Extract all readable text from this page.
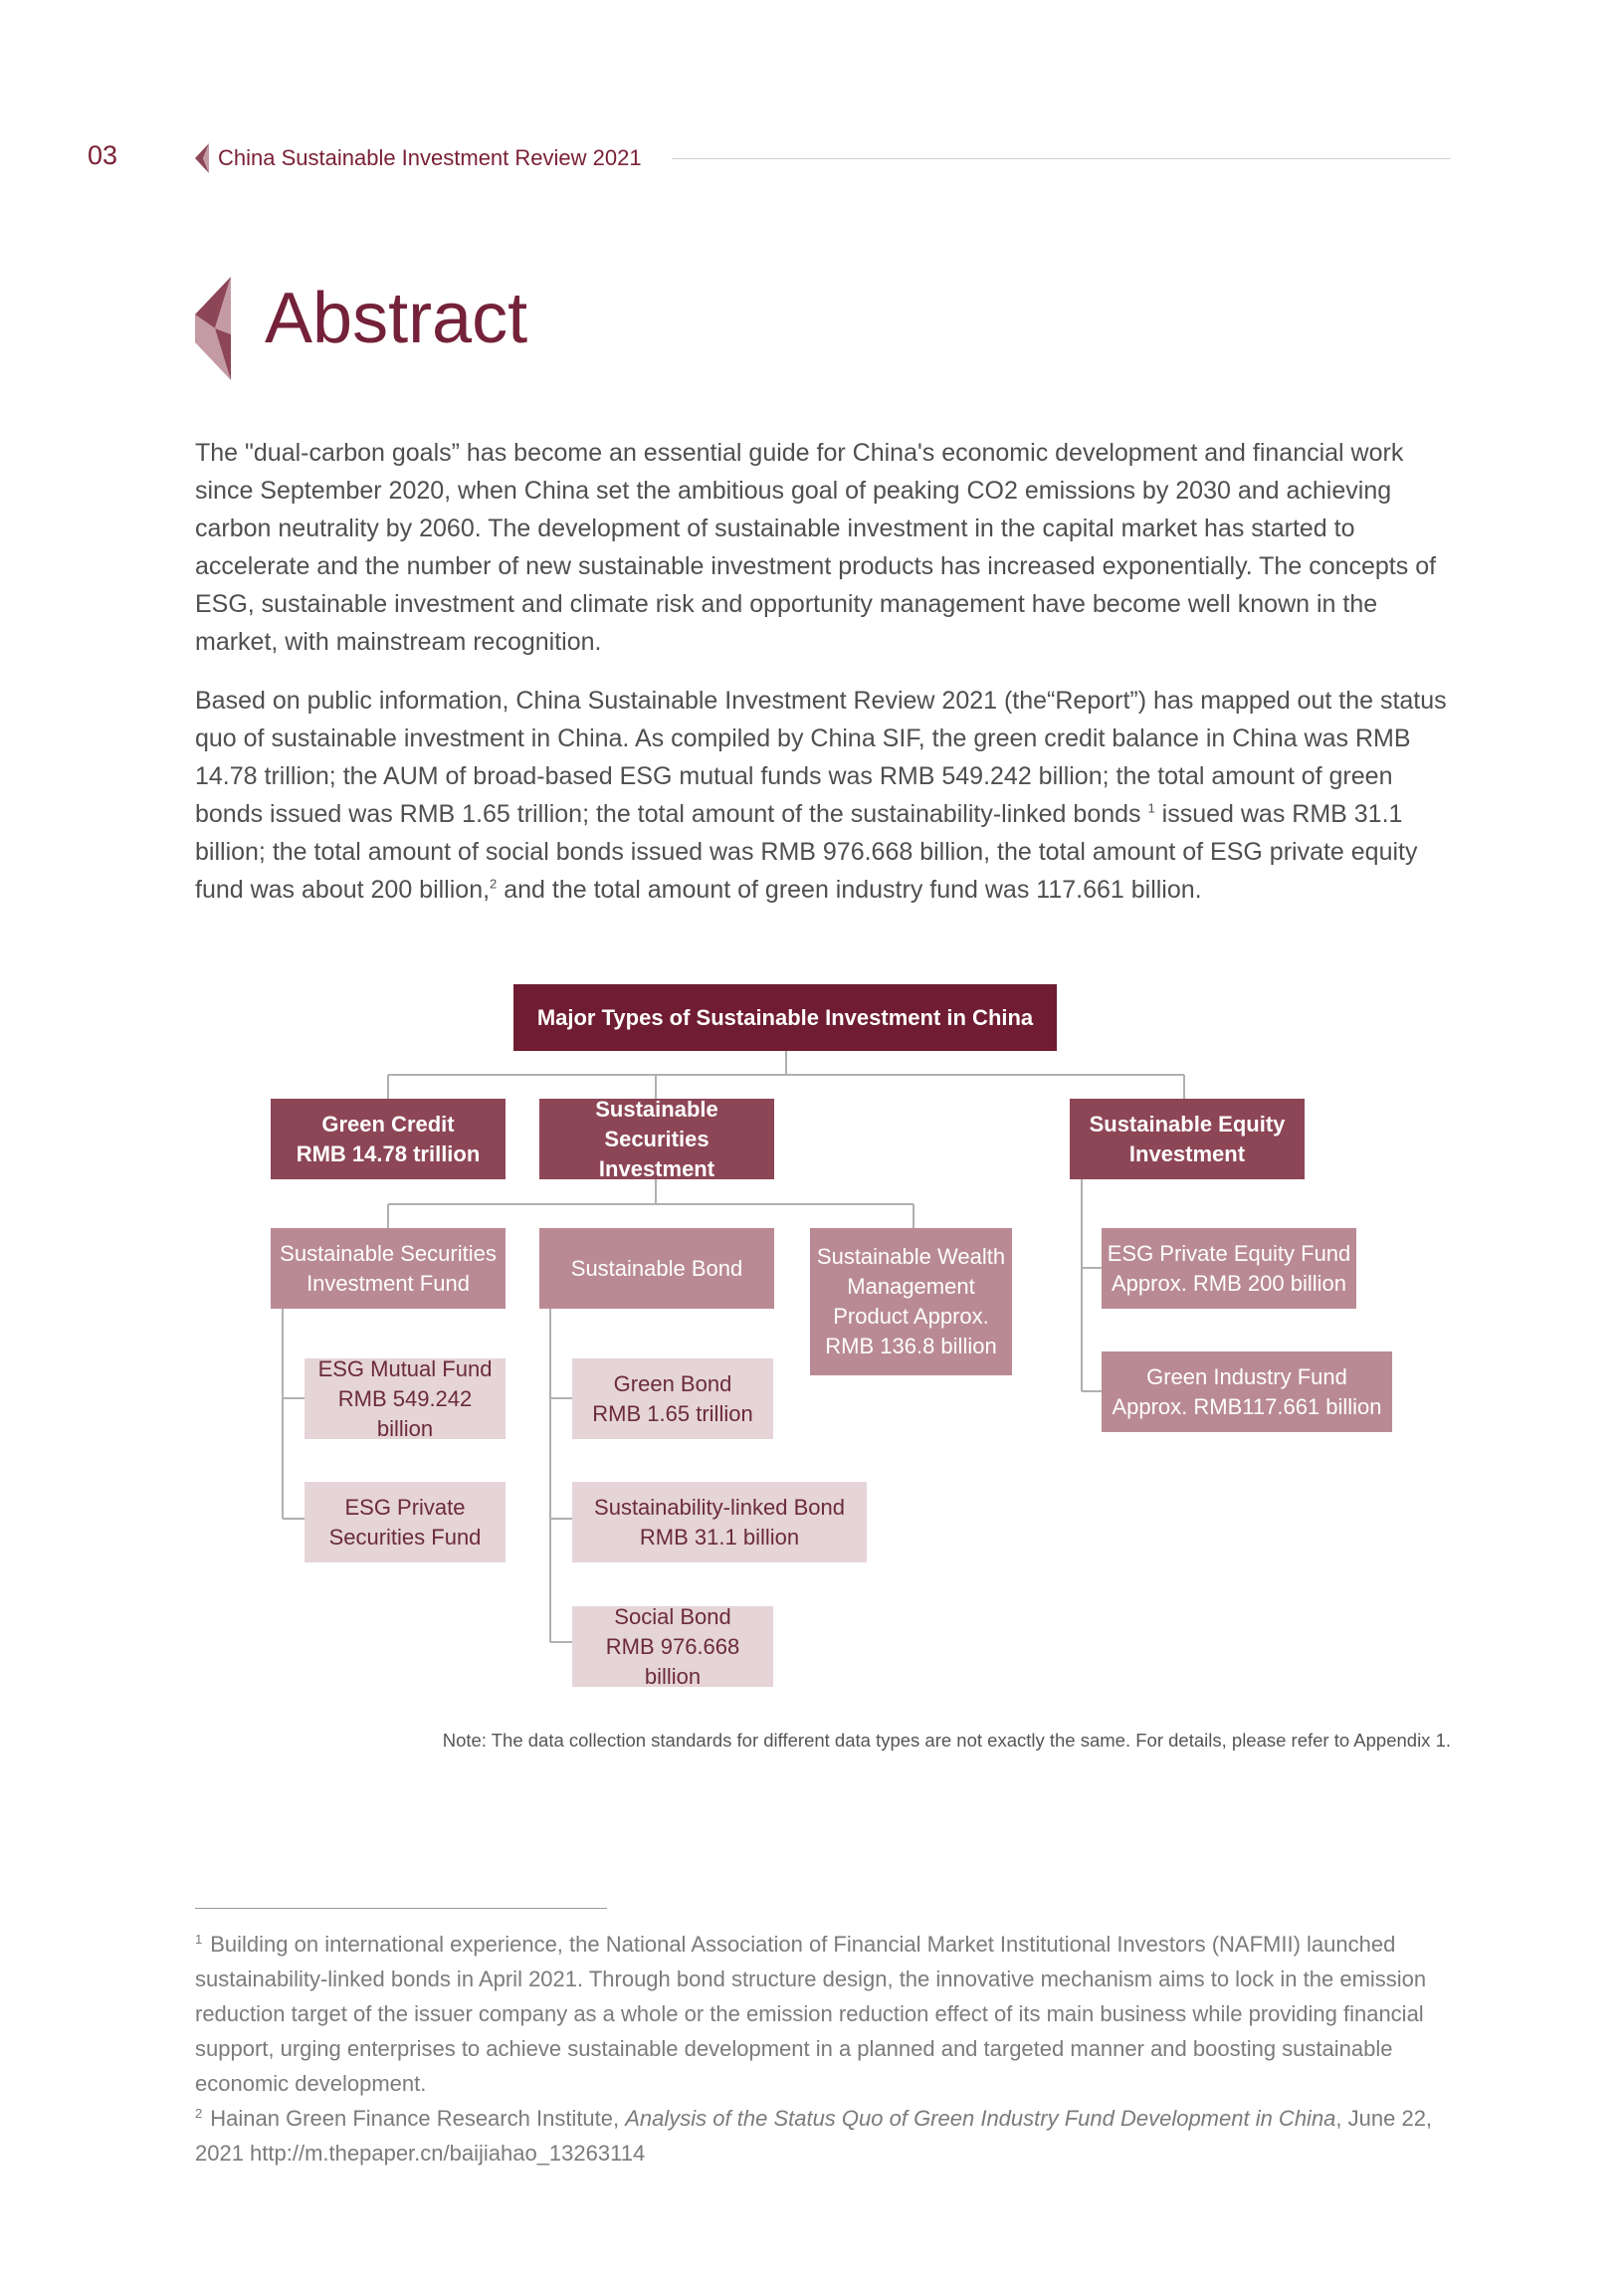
03	China Sustainable Investment Review 2021
Abstract

The "dual-carbon goals” has become an essential guide for China's economic development and financial work since September 2020, when China set the ambitious goal of peaking CO2 emissions by 2030 and achieving carbon neutrality by 2060. The development of sustainable investment in the capital market has started to accelerate and the number of new sustainable investment products has increased exponentially. The concepts of ESG, sustainable investment and climate risk and opportunity management have become well known in the market, with mainstream recognition.

Based on public information, China Sustainable Investment Review 2021 (the“Report”) has mapped out the status quo of sustainable investment in China. As compiled by China SIF, the green credit balance in China was RMB 14.78 trillion; the AUM of broad-based ESG mutual funds was RMB 549.242 billion; the total amount of green bonds issued was RMB 1.65 trillion; the total amount of the sustainability-linked bonds $^1$ issued was RMB 31.1 billion; the total amount of social bonds issued was RMB 976.668 billion, the total amount of ESG private equity fund was about 200 billion,$^2$ and the total amount of green industry fund was 117.661 billion.

Major Types of Sustainable Investment in China
Green Credit
RMB 14.78 trillion
Sustainable Securities
Investment
Sustainable Equity
Investment
Sustainable Securities
Investment Fund
Sustainable Bond	Sustainable Wealth
Management
Product Approx.
RMB 136.8 billion
ESG Private Equity Fund
Approx. RMB 200 billion
Green Industry Fund
Approx. RMB117.661 billion
ESG Mutual Fund
RMB 549.242 billion
ESG Private
Securities Fund
Green Bond
RMB 1.65 trillion
Sustainability-linked Bond
RMB 31.1 billion
Social Bond
RMB 976.668 billion
Note: The data collection standards for different data types are not exactly the same. For details, please refer to Appendix 1.

$^1$ Building on international experience, the National Association of Financial Market Institutional Investors (NAFMII) launched sustainability-linked bonds in April 2021. Through bond structure design, the innovative mechanism aims to lock in the emission reduction target of the issuer company as a whole or the emission reduction effect of its main business while providing financial support, urging enterprises to achieve sustainable development in a planned and targeted manner and boosting sustainable economic development.

$^2$ Hainan Green Finance Research Institute, Analysis of the Status Quo of Green Industry Fund Development in China, June 22, 2021 http://m.thepaper.cn/baijiahao_13263114
